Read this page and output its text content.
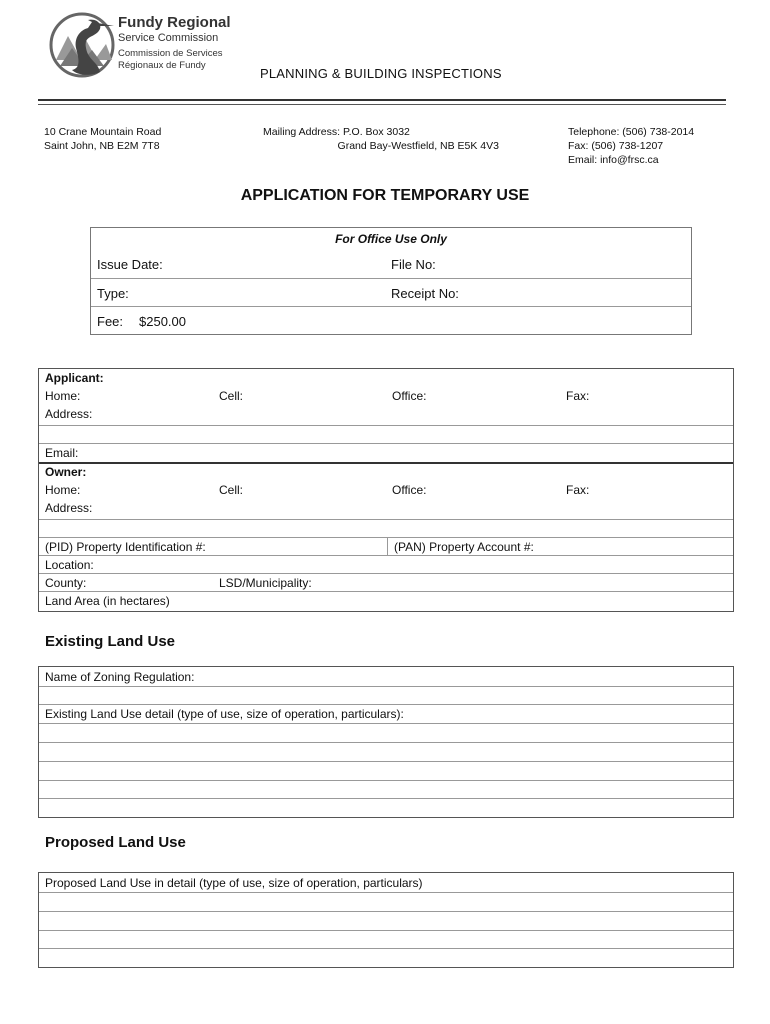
Fundy Regional
Service Commission
Commission de Services
Régionaux de Fundy
PLANNING & BUILDING INSPECTIONS
10 Crane Mountain Road
Saint John, NB E2M 7T8
Mailing Address: P.O. Box 3032
Grand Bay-Westfield, NB E5K 4V3
Telephone: (506) 738-2014
Fax: (506) 738-1207
Email: info@frsc.ca
APPLICATION FOR TEMPORARY USE
For Office Use Only
Issue Date:	File No:
Type:	Receipt No:
Fee: $250.00
Applicant:
Home:	Cell:	Office:	Fax:
Address:
Email:
Owner:
Home:	Cell:	Office:	Fax:
Address:
(PID) Property Identification #:	(PAN) Property Account #:
Location:
County:	LSD/Municipality:
Land Area (in hectares)
Existing Land Use
Name of Zoning Regulation:
Existing Land Use detail (type of use, size of operation, particulars):
Proposed Land Use
Proposed Land Use in detail (type of use, size of operation, particulars)
